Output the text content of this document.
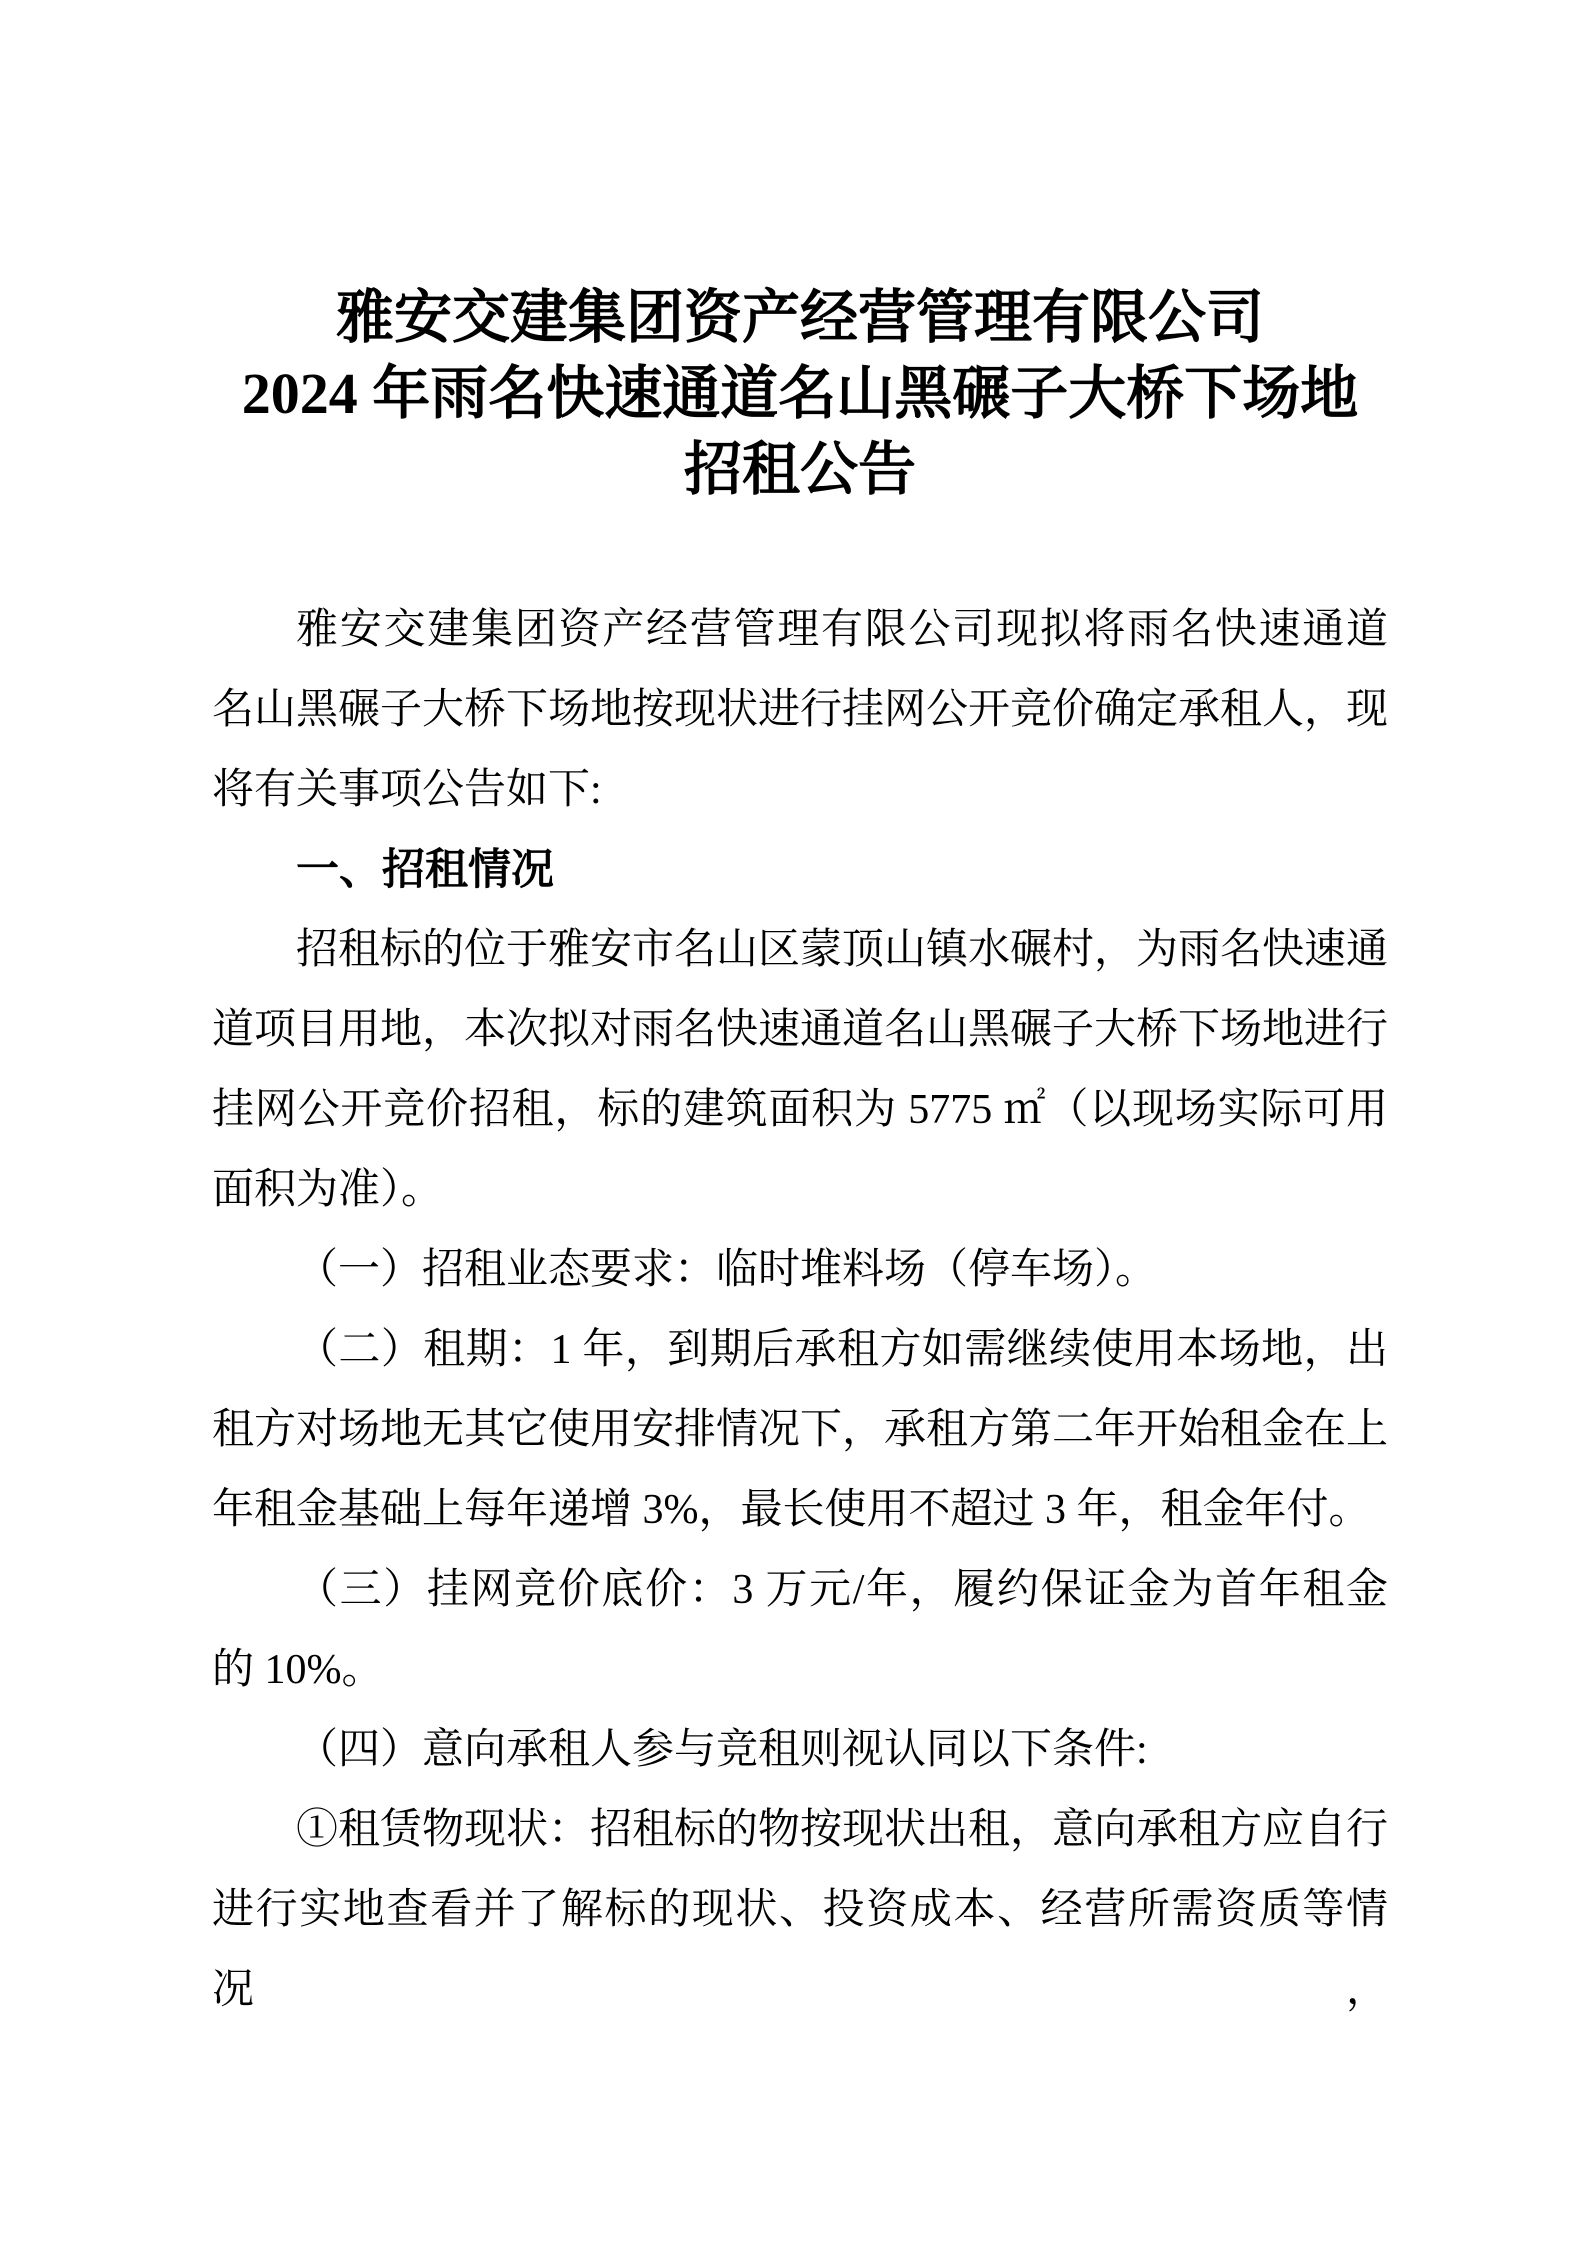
雅安交建集团资产经营管理有限公司
2024 年雨名快速通道名山黑碾子大桥下场地
招租公告
雅安交建集团资产经营管理有限公司现拟将雨名快速通道
名山黑碾子大桥下场地按现状进行挂网公开竞价确定承租人，现
将有关事项公告如下:
一、招租情况
招租标的位于雅安市名山区蒙顶山镇水碾村，为雨名快速通
道项目用地，本次拟对雨名快速通道名山黑碾子大桥下场地进行
挂网公开竞价招租，标的建筑面积为 5775 ㎡（以现场实际可用
面积为准）。
（一）招租业态要求：临时堆料场（停车场）。
（二）租期：1 年，到期后承租方如需继续使用本场地，出
租方对场地无其它使用安排情况下，承租方第二年开始租金在上
年租金基础上每年递增 3%，最长使用不超过 3 年，租金年付。
（三）挂网竞价底价：3 万元/年，履约保证金为首年租金
的 10%。
（四）意向承租人参与竞租则视认同以下条件:
①租赁物现状：招租标的物按现状出租，意向承租方应自行
进行实地查看并了解标的现状、投资成本、经营所需资质等情况，
